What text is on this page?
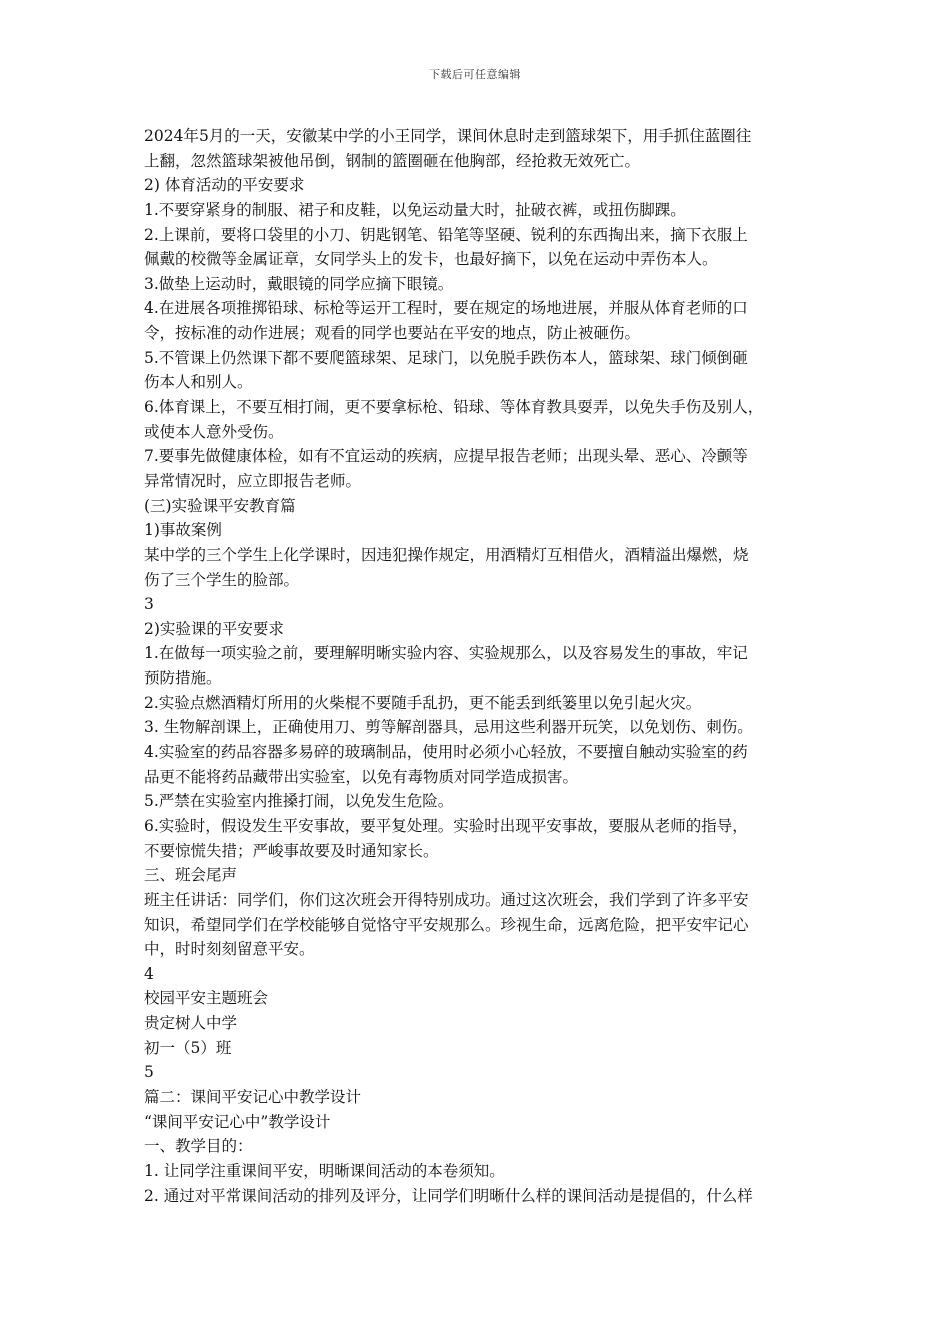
下载后可任意编辑
2024年5月的一天，安徽某中学的小王同学，课间休息时走到篮球架下，用手抓住蓝圈往
上翻，忽然篮球架被他吊倒，钢制的篮圈砸在他胸部，经抢救无效死亡。
2) 体育活动的平安要求
1.不要穿紧身的制服、裙子和皮鞋，以免运动量大时，扯破衣裤，或扭伤脚踝。
2.上课前，要将口袋里的小刀、钥匙钢笔、铅笔等坚硬、锐利的东西掏出来，摘下衣服上
佩戴的校微等金属证章，女同学头上的发卡，也最好摘下，以免在运动中弄伤本人。
3.做垫上运动时，戴眼镜的同学应摘下眼镜。
4.在进展各项推掷铅球、标枪等运开工程时，要在规定的场地进展，并服从体育老师的口
令，按标准的动作进展；观看的同学也要站在平安的地点，防止被砸伤。
5.不管课上仍然课下都不要爬篮球架、足球门，以免脱手跌伤本人，篮球架、球门倾倒砸
伤本人和别人。
6.体育课上，不要互相打闹，更不要拿标枪、铅球、等体育教具耍弄，以免失手伤及别人，
或使本人意外受伤。
7.要事先做健康体检，如有不宜运动的疾病，应提早报告老师；出现头晕、恶心、冷颤等
异常情况时，应立即报告老师。
(三)实验课平安教育篇
1)事故案例
某中学的三个学生上化学课时，因违犯操作规定，用酒精灯互相借火，酒精溢出爆燃，烧
伤了三个学生的脸部。
3
2)实验课的平安要求
1.在做每一项实验之前，要理解明晰实验内容、实验规那么，以及容易发生的事故，牢记
预防措施。
2.实验点燃酒精灯所用的火柴棍不要随手乱扔，更不能丢到纸篓里以免引起火灾。
3. 生物解剖课上，正确使用刀、剪等解剖器具，忌用这些利器开玩笑，以免划伤、刺伤。
4.实验室的药品容器多易碎的玻璃制品，使用时必须小心轻放，不要擅自触动实验室的药
品更不能将药品藏带出实验室，以免有毒物质对同学造成损害。
5.严禁在实验室内推搡打闹，以免发生危险。
6.实验时，假设发生平安事故，要平复处理。实验时出现平安事故，要服从老师的指导，
不要惊慌失措；严峻事故要及时通知家长。
三、班会尾声
班主任讲话：同学们，你们这次班会开得特别成功。通过这次班会，我们学到了许多平安
知识，希望同学们在学校能够自觉恪守平安规那么。珍视生命，远离危险，把平安牢记心
中，时时刻刻留意平安。
4
校园平安主题班会
贵定树人中学
初一（5）班
5
篇二：课间平安记心中教学设计
“课间平安记心中”教学设计
一、教学目的：
1. 让同学注重课间平安，明晰课间活动的本卷须知。
2. 通过对平常课间活动的排列及评分，让同学们明晰什么样的课间活动是提倡的，什么样
